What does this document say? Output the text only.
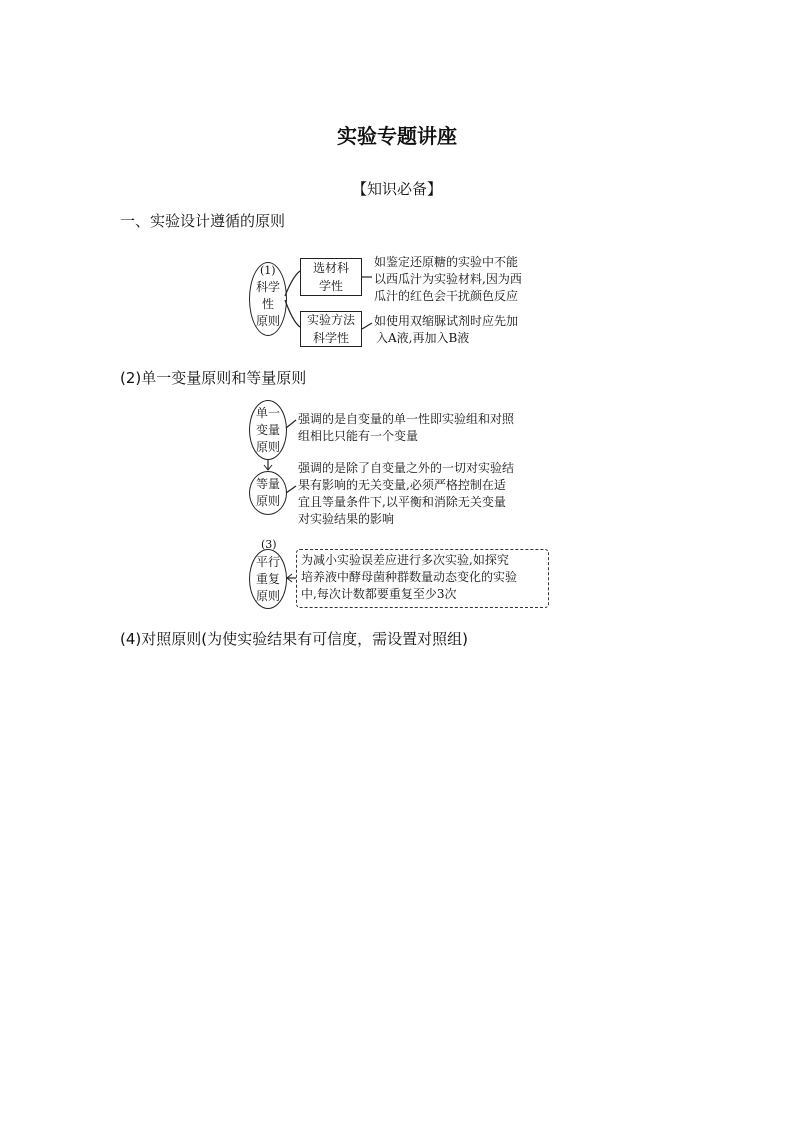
实验专题讲座
【知识必备】
一、实验设计遵循的原则
(1)
科学
性
原则
选材科
学性
如鉴定还原糖的实验中不能
以西瓜汁为实验材料,因为西
瓜汁的红色会干扰颜色反应
实验方法
科学性
如使用双缩脲试剂时应先加
入A液,再加入B液
(2)单一变量原则和等量原则
单一
变量
原则
强调的是自变量的单一性即实验组和对照
组相比只能有一个变量
等量
原则
强调的是除了自变量之外的一切对实验结
果有影响的无关变量,必须严格控制在适
宜且等量条件下,以平衡和消除无关变量
对实验结果的影响
(3)
平行
重复
原则
为减小实验误差应进行多次实验,如探究
培养液中酵母菌种群数量动态变化的实验
中,每次计数都要重复至少3次
(4)对照原则(为使实验结果有可信度，需设置对照组)
